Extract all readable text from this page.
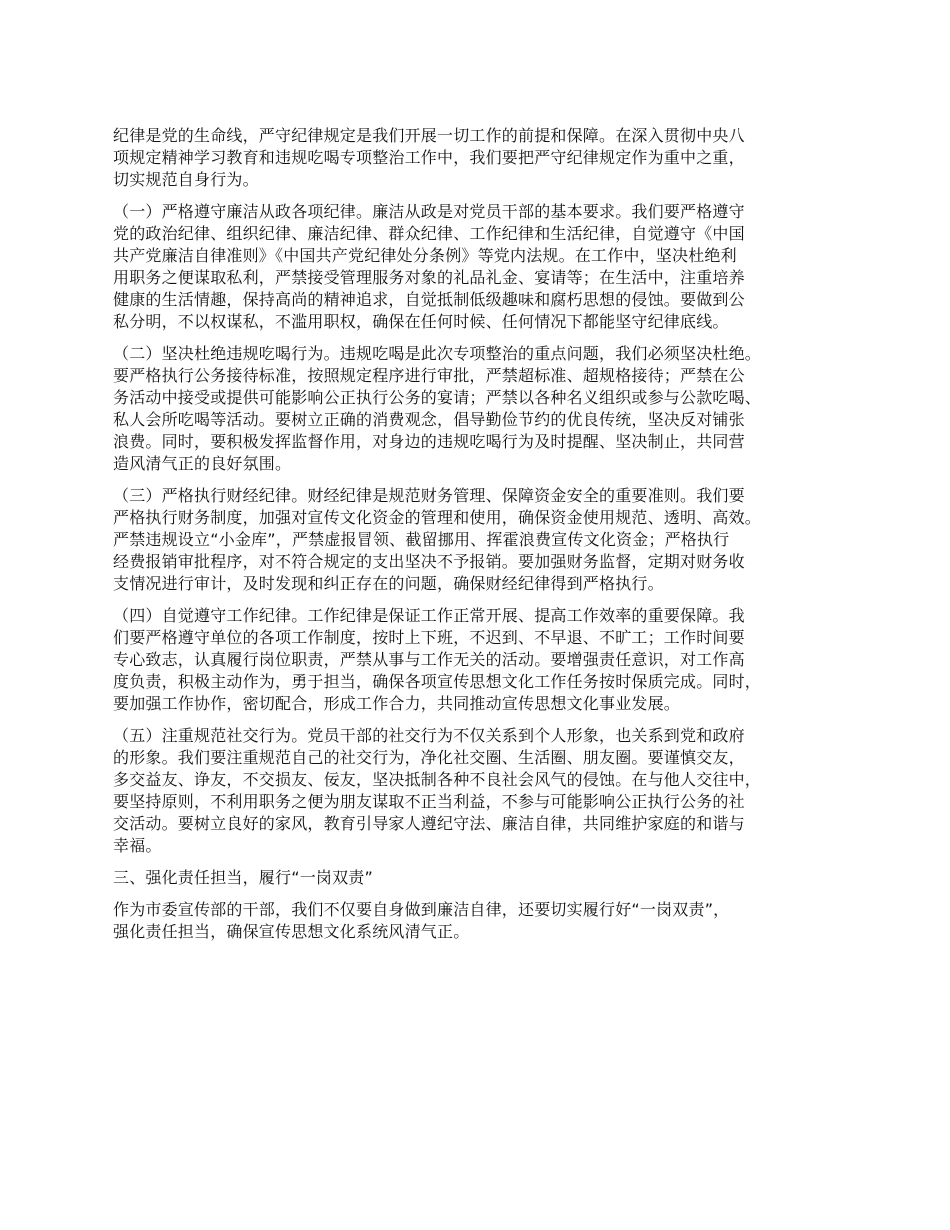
纪律是党的生命线，严守纪律规定是我们开展一切工作的前提和保障。在深入贯彻中央八
项规定精神学习教育和违规吃喝专项整治工作中，我们要把严守纪律规定作为重中之重，
切实规范自身行为。
（一）严格遵守廉洁从政各项纪律。廉洁从政是对党员干部的基本要求。我们要严格遵守
党的政治纪律、组织纪律、廉洁纪律、群众纪律、工作纪律和生活纪律，自觉遵守《中国
共产党廉洁自律准则》《中国共产党纪律处分条例》等党内法规。在工作中，坚决杜绝利
用职务之便谋取私利，严禁接受管理服务对象的礼品礼金、宴请等；在生活中，注重培养
健康的生活情趣，保持高尚的精神追求，自觉抵制低级趣味和腐朽思想的侵蚀。要做到公
私分明，不以权谋私，不滥用职权，确保在任何时候、任何情况下都能坚守纪律底线。
（二）坚决杜绝违规吃喝行为。违规吃喝是此次专项整治的重点问题，我们必须坚决杜绝。
要严格执行公务接待标准，按照规定程序进行审批，严禁超标准、超规格接待；严禁在公
务活动中接受或提供可能影响公正执行公务的宴请；严禁以各种名义组织或参与公款吃喝、
私人会所吃喝等活动。要树立正确的消费观念，倡导勤俭节约的优良传统，坚决反对铺张
浪费。同时，要积极发挥监督作用，对身边的违规吃喝行为及时提醒、坚决制止，共同营
造风清气正的良好氛围。
（三）严格执行财经纪律。财经纪律是规范财务管理、保障资金安全的重要准则。我们要
严格执行财务制度，加强对宣传文化资金的管理和使用，确保资金使用规范、透明、高效。
严禁违规设立“小金库”，严禁虚报冒领、截留挪用、挥霍浪费宣传文化资金；严格执行
经费报销审批程序，对不符合规定的支出坚决不予报销。要加强财务监督，定期对财务收
支情况进行审计，及时发现和纠正存在的问题，确保财经纪律得到严格执行。
（四）自觉遵守工作纪律。工作纪律是保证工作正常开展、提高工作效率的重要保障。我
们要严格遵守单位的各项工作制度，按时上下班，不迟到、不早退、不旷工；工作时间要
专心致志，认真履行岗位职责，严禁从事与工作无关的活动。要增强责任意识，对工作高
度负责，积极主动作为，勇于担当，确保各项宣传思想文化工作任务按时保质完成。同时，
要加强工作协作，密切配合，形成工作合力，共同推动宣传思想文化事业发展。
（五）注重规范社交行为。党员干部的社交行为不仅关系到个人形象，也关系到党和政府
的形象。我们要注重规范自己的社交行为，净化社交圈、生活圈、朋友圈。要谨慎交友，
多交益友、诤友，不交损友、佞友，坚决抵制各种不良社会风气的侵蚀。在与他人交往中，
要坚持原则，不利用职务之便为朋友谋取不正当利益，不参与可能影响公正执行公务的社
交活动。要树立良好的家风，教育引导家人遵纪守法、廉洁自律，共同维护家庭的和谐与
幸福。
三、强化责任担当，履行“一岗双责”
作为市委宣传部的干部，我们不仅要自身做到廉洁自律，还要切实履行好“一岗双责”，
强化责任担当，确保宣传思想文化系统风清气正。
